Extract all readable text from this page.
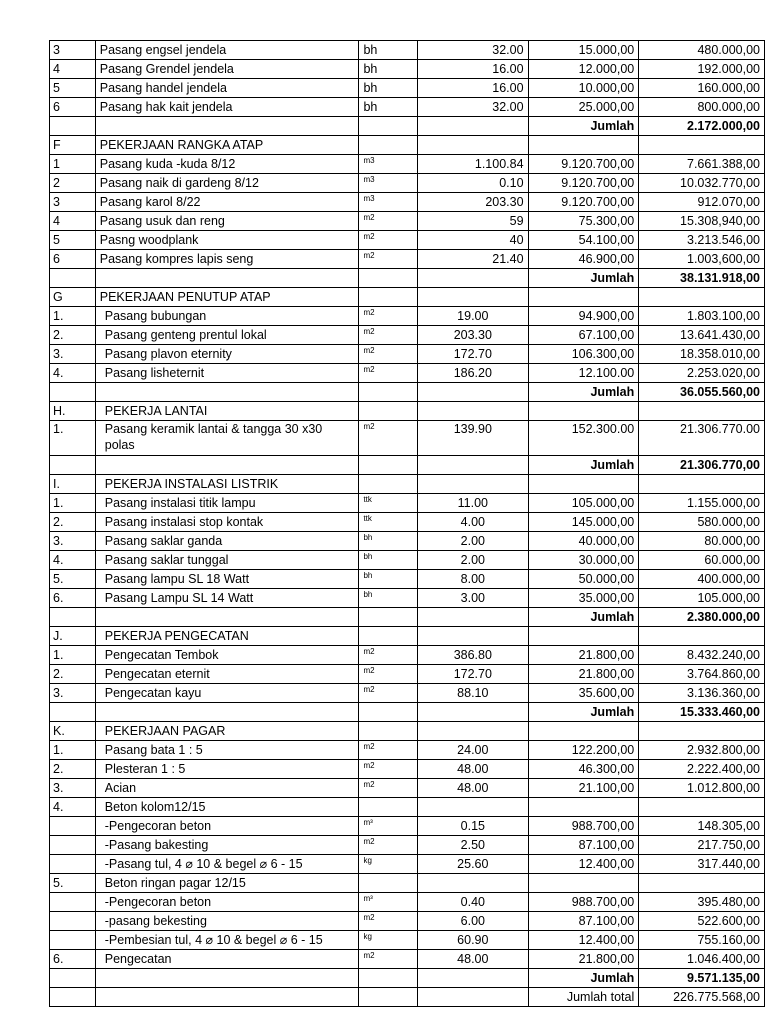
3	Pasang engsel jendela	bh	32.00	15.000,00	480.000,00
4	Pasang Grendel jendela	bh	16.00	12.000,00	192.000,00
5	Pasang handel jendela	bh	16.00	10.000,00	160.000,00
6	Pasang hak kait jendela	bh	32.00	25.000,00	800.000,00
				Jumlah	2.172.000,00
F	PEKERJAAN RANGKA ATAP				
1	Pasang kuda -kuda 8/12	m3	1.100.84	9.120.700,00	7.661.388,00
2	Pasang naik di gardeng 8/12	m3	0.10	9.120.700,00	10.032.770,00
3	Pasang karol 8/22	m3	203.30	9.120.700,00	912.070,00
4	Pasang usuk dan reng	m2	59	75.300,00	15.308,940,00
5	Pasng woodplank	m2	40	54.100,00	3.213.546,00
6	Pasang kompres lapis seng	m2	21.40	46.900,00	1.003,600,00
				Jumlah	38.131.918,00
G	PEKERJAAN PENUTUP ATAP				
1.	Pasang bubungan	m2	19.00	94.900,00	1.803.100,00
2.	Pasang genteng prentul lokal	m2	203.30	67.100,00	13.641.430,00
3.	Pasang plavon eternity	m2	172.70	106.300,00	18.358.010,00
4.	Pasang lisheternit	m2	186.20	12.100.00	2.253.020,00
				Jumlah	36.055.560,00
H.	PEKERJA LANTAI				
1.	Pasang keramik lantai & tangga 30 x30 polas	m2	139.90	152.300.00	21.306.770.00
				Jumlah	21.306.770,00
I.	PEKERJA INSTALASI LISTRIK				
1.	Pasang instalasi titik lampu	ttk	11.00	105.000,00	1.155.000,00
2.	Pasang instalasi stop kontak	ttk	4.00	145.000,00	580.000,00
3.	Pasang saklar ganda	bh	2.00	40.000,00	80.000,00
4.	Pasang saklar tunggal	bh	2.00	30.000,00	60.000,00
5.	Pasang lampu SL 18 Watt	bh	8.00	50.000,00	400.000,00
6.	Pasang Lampu SL 14 Watt	bh	3.00	35.000,00	105.000,00
				Jumlah	2.380.000,00
J.	PEKERJA PENGECATAN				
1.	Pengecatan Tembok	m2	386.80	21.800,00	8.432.240,00
2.	Pengecatan eternit	m2	172.70	21.800,00	3.764.860,00
3.	Pengecatan kayu	m2	88.10	35.600,00	3.136.360,00
				Jumlah	15.333.460,00
K.	PEKERJAAN PAGAR				
1.	Pasang bata 1 : 5	m2	24.00	122.200,00	2.932.800,00
2.	Plesteran 1 : 5	m2	48.00	46.300,00	2.222.400,00
3.	Acian	m2	48.00	21.100,00	1.012.800,00
4.	Beton kolom12/15				
	-Pengecoran beton	m³	0.15	988.700,00	148.305,00
	-Pasang bakesting	m2	2.50	87.100,00	217.750,00
	-Pasang tul, 4 ⌀ 10 & begel ⌀ 6 - 15	kg	25.60	12.400,00	317.440,00
5.	Beton ringan pagar 12/15				
	-Pengecoran beton	m³	0.40	988.700,00	395.480,00
	-pasang bekesting	m2	6.00	87.100,00	522.600,00
	-Pembesian tul, 4 ⌀ 10 & begel ⌀ 6 - 15	kg	60.90	12.400,00	755.160,00
6.	Pengecatan	m2	48.00	21.800,00	1.046.400,00
				Jumlah	9.571.135,00
				Jumlah total	226.775.568,00
